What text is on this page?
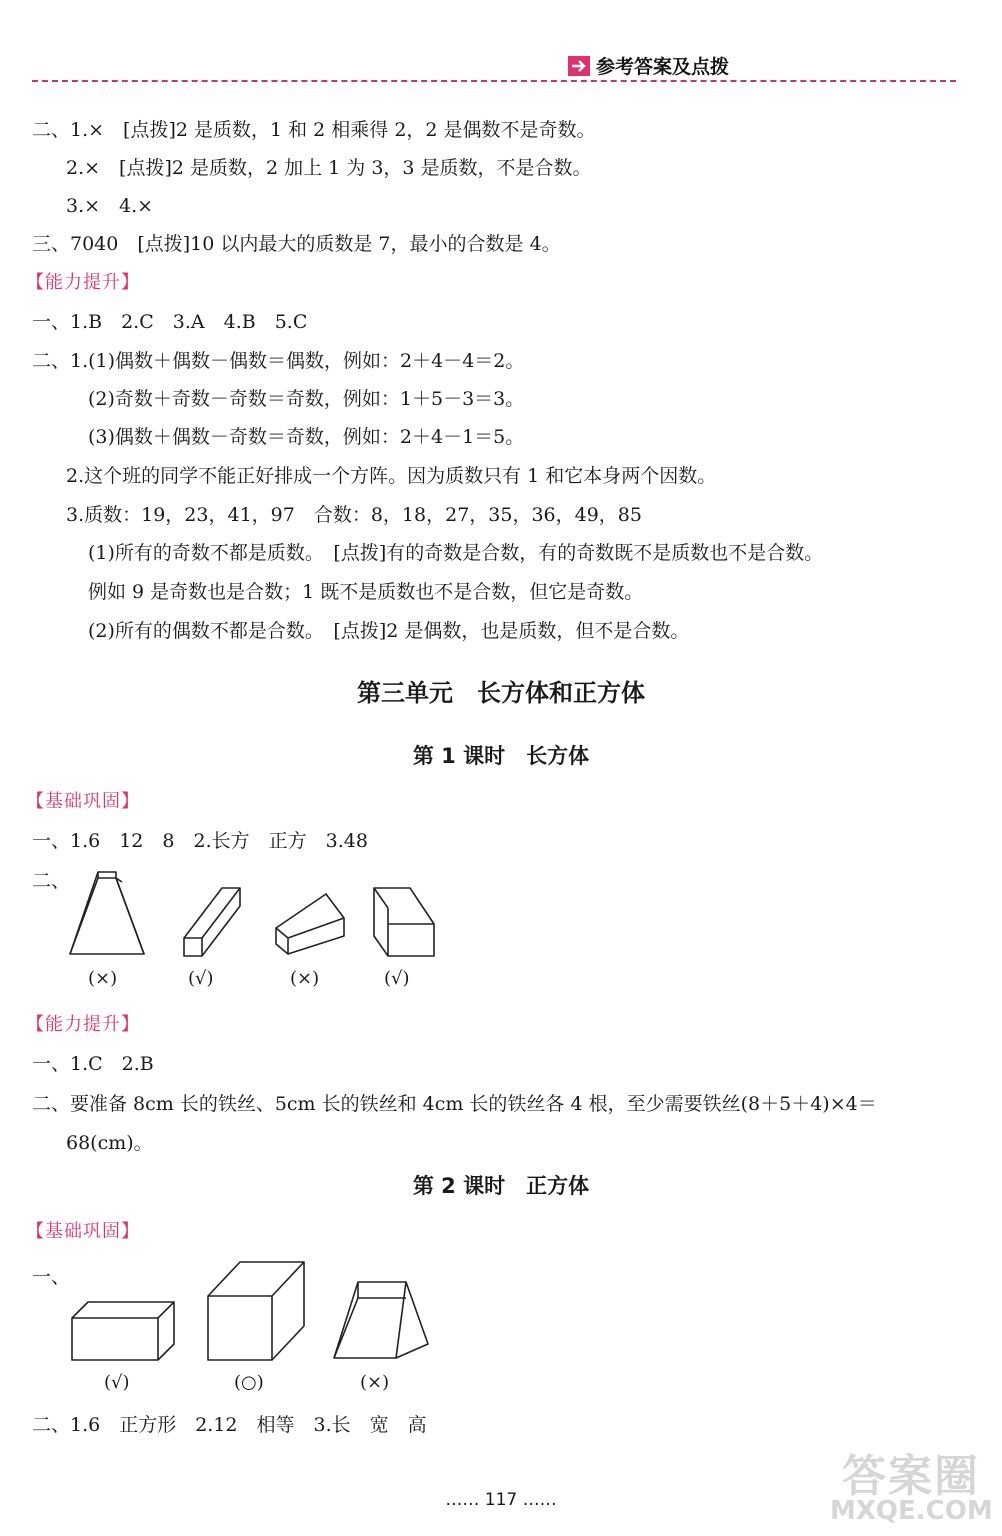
参考答案及点拨
二、1.×　[点拨]2 是质数，1 和 2 相乘得 2，2 是偶数不是奇数。
2.×　[点拨]2 是质数，2 加上 1 为 3，3 是质数，不是合数。
3.×　4.×
三、7040　[点拨]10 以内最大的质数是 7，最小的合数是 4。
【能力提升】
一、1.B　2.C　3.A　4.B　5.C
二、1.(1)偶数＋偶数－偶数＝偶数，例如：2＋4－4＝2。
(2)奇数＋奇数－奇数＝奇数，例如：1＋5－3＝3。
(3)偶数＋偶数－奇数＝奇数，例如：2＋4－1＝5。
2.这个班的同学不能正好排成一个方阵。因为质数只有 1 和它本身两个因数。
3.质数：19，23，41，97　合数：8，18，27，35，36，49，85
(1)所有的奇数不都是质数。　[点拨]有的奇数是合数，有的奇数既不是质数也不是合数。
例如 9 是奇数也是合数；1 既不是质数也不是合数，但它是奇数。
(2)所有的偶数不都是合数。　[点拨]2 是偶数，也是质数，但不是合数。
第三单元　长方体和正方体
第 1 课时　长方体
【基础巩固】
一、1.6　12　8　2.长方　正方　3.48
二、
(×)	(√)	(×)	(√)
【能力提升】
一、1.C　2.B
二、要准备 8cm 长的铁丝、5cm 长的铁丝和 4cm 长的铁丝各 4 根，至少需要铁丝(8＋5＋4)×4＝
68(cm)。
第 2 课时　正方体
【基础巩固】
一、
(√)	(○)	(×)
二、1.6　正方形　2.12　相等　3.长　宽　高
…… 117 ……	答案圈
MXQE.COM
